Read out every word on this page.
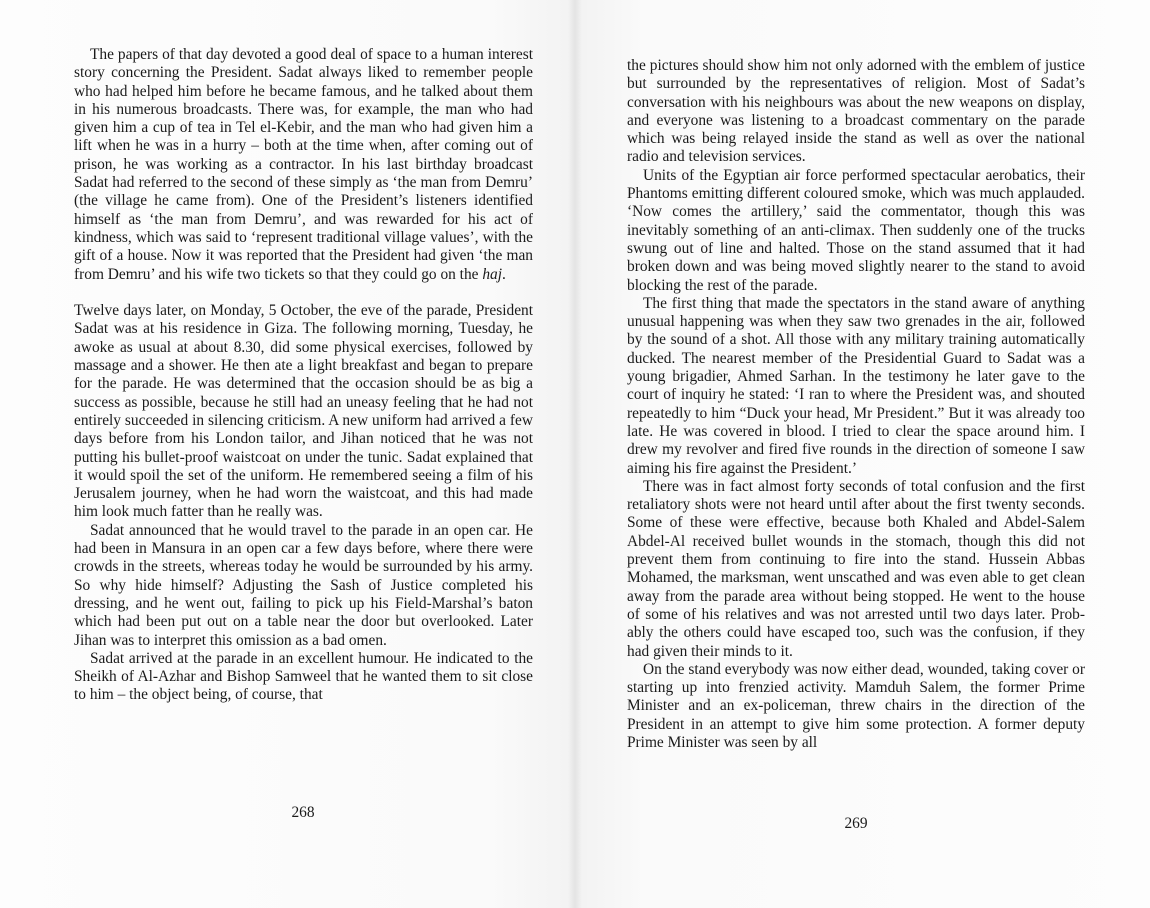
The papers of that day devoted a good deal of space to a human interest story concerning the President. Sadat always liked to remember people who had helped him before he became famous, and he talked about them in his numerous broadcasts. There was, for example, the man who had given him a cup of tea in Tel el-Kebir, and the man who had given him a lift when he was in a hurry – both at the time when, after coming out of prison, he was working as a contractor. In his last birthday broadcast Sadat had referred to the second of these simply as ‘the man from Demru’ (the village he came from). One of the President’s listeners identified himself as ‘the man from Demru’, and was rewarded for his act of kindness, which was said to ‘represent traditional village values’, with the gift of a house. Now it was reported that the President had given ‘the man from Demru’ and his wife two tickets so that they could go on the haj.

Twelve days later, on Monday, 5 October, the eve of the parade, President Sadat was at his residence in Giza. The following morning, Tuesday, he awoke as usual at about 8.30, did some physical exercises, followed by massage and a shower. He then ate a light breakfast and began to prepare for the parade. He was determined that the occasion should be as big a success as possible, because he still had an uneasy feeling that he had not entirely succeeded in silencing criticism. A new uniform had arrived a few days before from his London tailor, and Jihan noticed that he was not putting his bullet-proof waistcoat on under the tunic. Sadat explained that it would spoil the set of the uniform. He remembered seeing a film of his Jerusalem journey, when he had worn the waistcoat, and this had made him look much fatter than he really was.

Sadat announced that he would travel to the parade in an open car. He had been in Mansura in an open car a few days before, where there were crowds in the streets, whereas today he would be surrounded by his army. So why hide himself? Adjusting the Sash of Justice completed his dressing, and he went out, failing to pick up his Field-Marshal’s baton which had been put out on a table near the door but overlooked. Later Jihan was to interpret this omission as a bad omen.

Sadat arrived at the parade in an excellent humour. He indicated to the Sheikh of Al-Azhar and Bishop Samweel that he wanted them to sit close to him – the object being, of course, that

268

the pictures should show him not only adorned with the emblem of justice but surrounded by the representatives of religion. Most of Sadat’s conversation with his neighbours was about the new weapons on display, and everyone was listening to a broadcast commentary on the parade which was being relayed inside the stand as well as over the national radio and television services.

Units of the Egyptian air force performed spectacular aerobatics, their Phantoms emitting different coloured smoke, which was much applauded. ‘Now comes the artillery,’ said the commentator, though this was inevitably something of an anti-climax. Then suddenly one of the trucks swung out of line and halted. Those on the stand assumed that it had broken down and was being moved slightly nearer to the stand to avoid blocking the rest of the parade.

The first thing that made the spectators in the stand aware of anything unusual happening was when they saw two grenades in the air, followed by the sound of a shot. All those with any military training automatically ducked. The nearest member of the Presidential Guard to Sadat was a young brigadier, Ahmed Sarhan. In the testimony he later gave to the court of inquiry he stated: ‘I ran to where the President was, and shouted repeatedly to him “Duck your head, Mr President.” But it was already too late. He was covered in blood. I tried to clear the space around him. I drew my revolver and fired five rounds in the direction of someone I saw aiming his fire against the President.’

There was in fact almost forty seconds of total confusion and the first retaliatory shots were not heard until after about the first twenty seconds. Some of these were effective, because both Khaled and Abdel-Salem Abdel-Al received bullet wounds in the stomach, though this did not prevent them from continuing to fire into the stand. Hussein Abbas Mohamed, the marksman, went unscathed and was even able to get clean away from the parade area without being stopped. He went to the house of some of his relatives and was not arrested until two days later. Probably the others could have escaped too, such was the confusion, if they had given their minds to it.

On the stand everybody was now either dead, wounded, taking cover or starting up into frenzied activity. Mamduh Salem, the former Prime Minister and an ex-policeman, threw chairs in the direction of the President in an attempt to give him some protection. A former deputy Prime Minister was seen by all

269
